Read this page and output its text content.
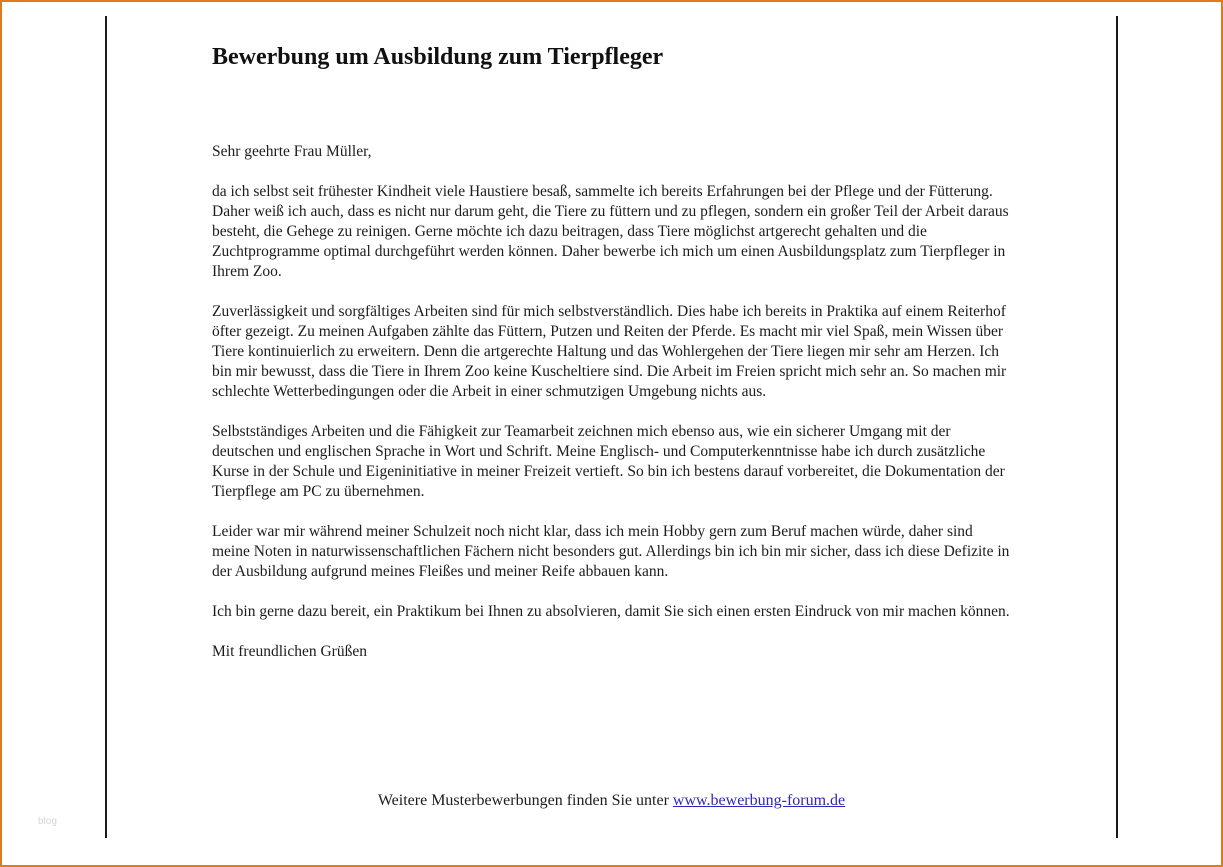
Bewerbung um Ausbildung zum Tierpfleger

Sehr geehrte Frau Müller,

da ich selbst seit frühester Kindheit viele Haustiere besaß, sammelte ich bereits Erfahrungen bei der Pflege und der Fütterung. Daher weiß ich auch, dass es nicht nur darum geht, die Tiere zu füttern und zu pflegen, sondern ein großer Teil der Arbeit daraus besteht, die Gehege zu reinigen. Gerne möchte ich dazu beitragen, dass Tiere möglichst artgerecht gehalten und die Zuchtprogramme optimal durchgeführt werden können. Daher bewerbe ich mich um einen Ausbildungsplatz zum Tierpfleger in Ihrem Zoo.

Zuverlässigkeit und sorgfältiges Arbeiten sind für mich selbstverständlich. Dies habe ich bereits in Praktika auf einem Reiterhof öfter gezeigt. Zu meinen Aufgaben zählte das Füttern, Putzen und Reiten der Pferde. Es macht mir viel Spaß, mein Wissen über Tiere kontinuierlich zu erweitern. Denn die artgerechte Haltung und das Wohlergehen der Tiere liegen mir sehr am Herzen. Ich bin mir bewusst, dass die Tiere in Ihrem Zoo keine Kuscheltiere sind. Die Arbeit im Freien spricht mich sehr an. So machen mir schlechte Wetterbedingungen oder die Arbeit in einer schmutzigen Umgebung nichts aus.

Selbstständiges Arbeiten und die Fähigkeit zur Teamarbeit zeichnen mich ebenso aus, wie ein sicherer Umgang mit der deutschen und englischen Sprache in Wort und Schrift. Meine Englisch- und Computerkenntnisse habe ich durch zusätzliche Kurse in der Schule und Eigeninitiative in meiner Freizeit vertieft. So bin ich bestens darauf vorbereitet, die Dokumentation der Tierpflege am PC zu übernehmen.

Leider war mir während meiner Schulzeit noch nicht klar, dass ich mein Hobby gern zum Beruf machen würde, daher sind meine Noten in naturwissenschaftlichen Fächern nicht besonders gut. Allerdings bin ich bin mir sicher, dass ich diese Defizite in der Ausbildung aufgrund meines Fleißes und meiner Reife abbauen kann.

Ich bin gerne dazu bereit, ein Praktikum bei Ihnen zu absolvieren, damit Sie sich einen ersten Eindruck von mir machen können.

Mit freundlichen Grüßen

Weitere Musterbewerbungen finden Sie unter www.bewerbung-forum.de
blog
